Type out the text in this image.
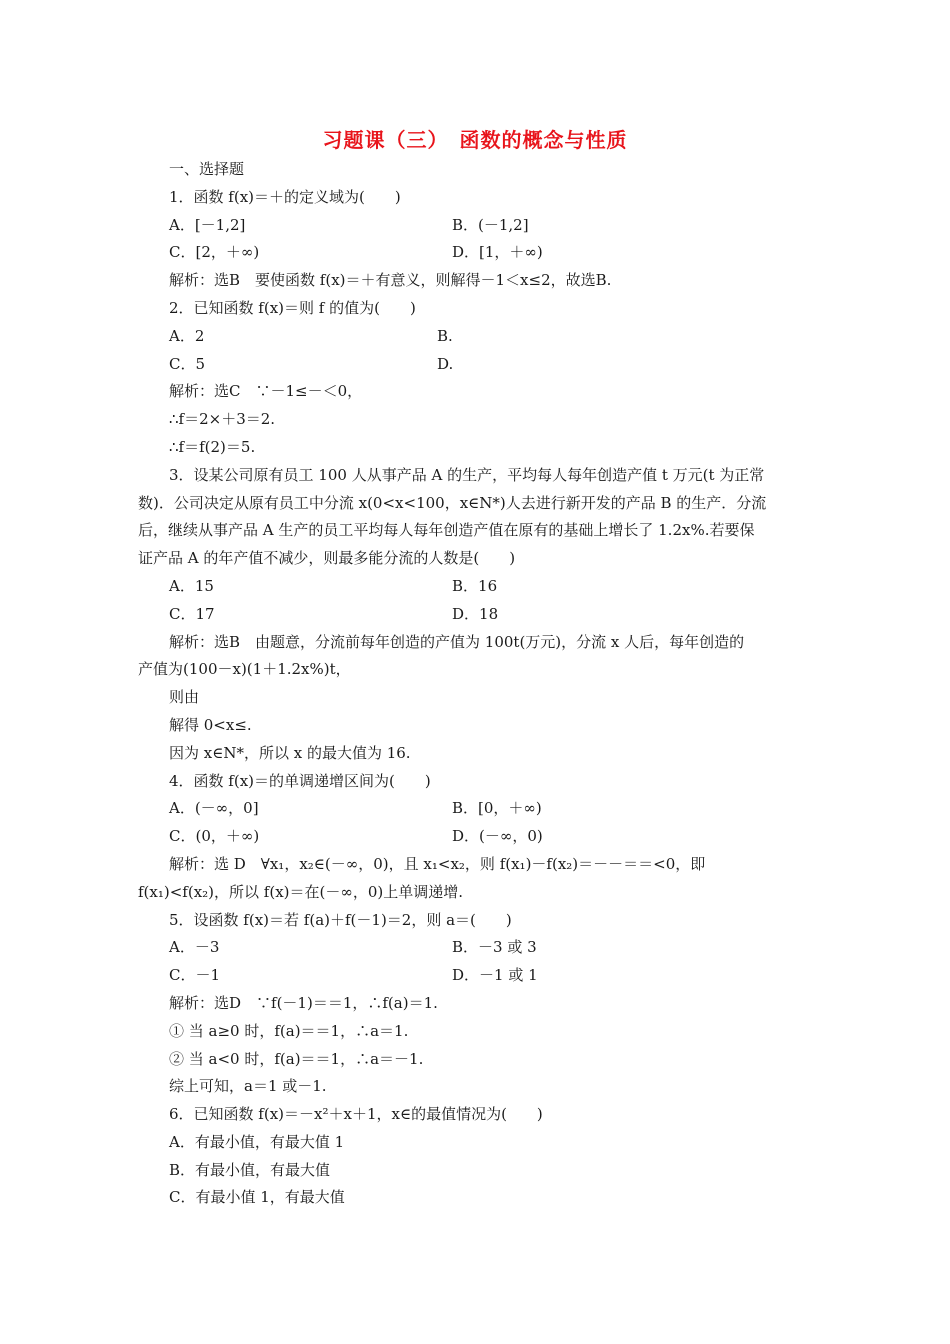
习题课（三）　函数的概念与性质
一、选择题
1．函数 f(x)＝＋的定义域为(　　)
A．[－1,2]	B．(－1,2]
C．[2，＋∞)	D．[1，＋∞)
解析：选B　要使函数 f(x)＝＋有意义，则解得－1＜x≤2，故选B.
2．已知函数 f(x)＝则 f 的值为(　　)
A．2	B.
C．5	D.
解析：选C　∵－1≤－＜0，
∴f＝2×＋3＝2.
∴f＝f(2)＝5.
3．设某公司原有员工 100 人从事产品 A 的生产，平均每人每年创造产值 t 万元(t 为正常
数)．公司决定从原有员工中分流 x(0<x<100，x∈N*)人去进行新开发的产品 B 的生产．分流
后，继续从事产品 A 生产的员工平均每人每年创造产值在原有的基础上增长了 1.2x%.若要保
证产品 A 的年产值不减少，则最多能分流的人数是(　　)
A．15	B．16
C．17	D．18
解析：选B　由题意，分流前每年创造的产值为 100t(万元)，分流 x 人后，每年创造的
产值为(100－x)(1＋1.2x%)t，
则由
解得 0<x≤.
因为 x∈N*，所以 x 的最大值为 16.
4．函数 f(x)＝的单调递增区间为(　　)
A．(－∞，0]	B．[0，＋∞)
C．(0，＋∞)	D．(－∞，0)
解析：选 D　∀x₁，x₂∈(－∞，0)，且 x₁<x₂，则 f(x₁)－f(x₂)＝－－＝＝<0，即
f(x₁)<f(x₂)，所以 f(x)＝在(－∞，0)上单调递增.
5．设函数 f(x)＝若 f(a)＋f(－1)＝2，则 a＝(　　)
A．－3	B．－3 或 3
C．－1	D．－1 或 1
解析：选D　∵f(－1)＝＝1，∴f(a)＝1.
① 当 a≥0 时，f(a)＝＝1，∴a＝1.
② 当 a<0 时，f(a)＝＝1，∴a＝－1.
综上可知，a＝1 或－1.
6．已知函数 f(x)＝－x²＋x＋1，x∈的最值情况为(　　)
A．有最小值，有最大值 1
B．有最小值，有最大值
C．有最小值 1，有最大值
